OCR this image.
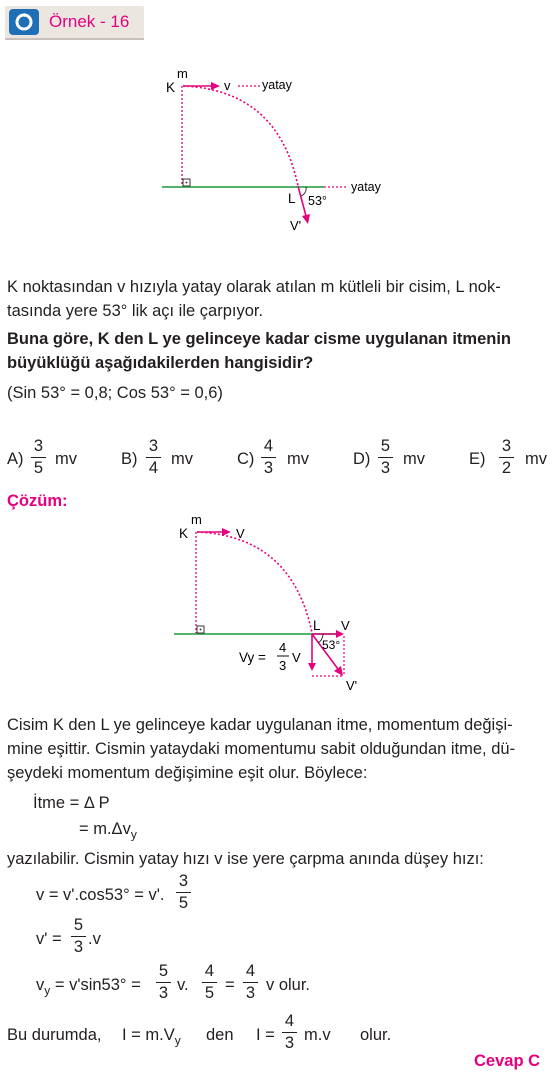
Örnek - 16
m
K	v	yatay
yatay
L 53°
V'
K noktasından v hızıyla yatay olarak atılan m kütleli bir cisim, L nok-
tasında yere 53° lik açı ile çarpıyor.
Buna göre, K den L ye gelinceye kadar cisme uygulanan itmenin
büyüklüğü aşağıdakilerden hangisidir?
(Sin 53° = 0,8; Cos 53° = 0,6)
A)
3
5
mv	B)
3
4
mv	C)
4
3
mv	D)
5
3
mv	E)
3
2
mv
Çözüm:
m
K	V
L V
53°
Vy =
4
3
V
V'
Cisim K den L ye gelinceye kadar uygulanan itme, momentum değişi-
mine eşittir. Cismin yataydaki momentumu sabit olduğundan itme, dü-
şeydeki momentum değişimine eşit olur. Böylece:
İtme = Δ P
= $m.\Delta v_y$
yazılabilir. Cismin yatay hızı v ise yere çarpma anında düşey hızı:
v = v'.cos53° = v'.
3
5
v' =
5
3 .v
$v_y = v'\sin 53^\circ$ =
5
3 v.
4
5 =
4
3 v olur.
Bu durumda, $I = m.V_y$ den I =
4
3 m.v olur.
Cevap C
